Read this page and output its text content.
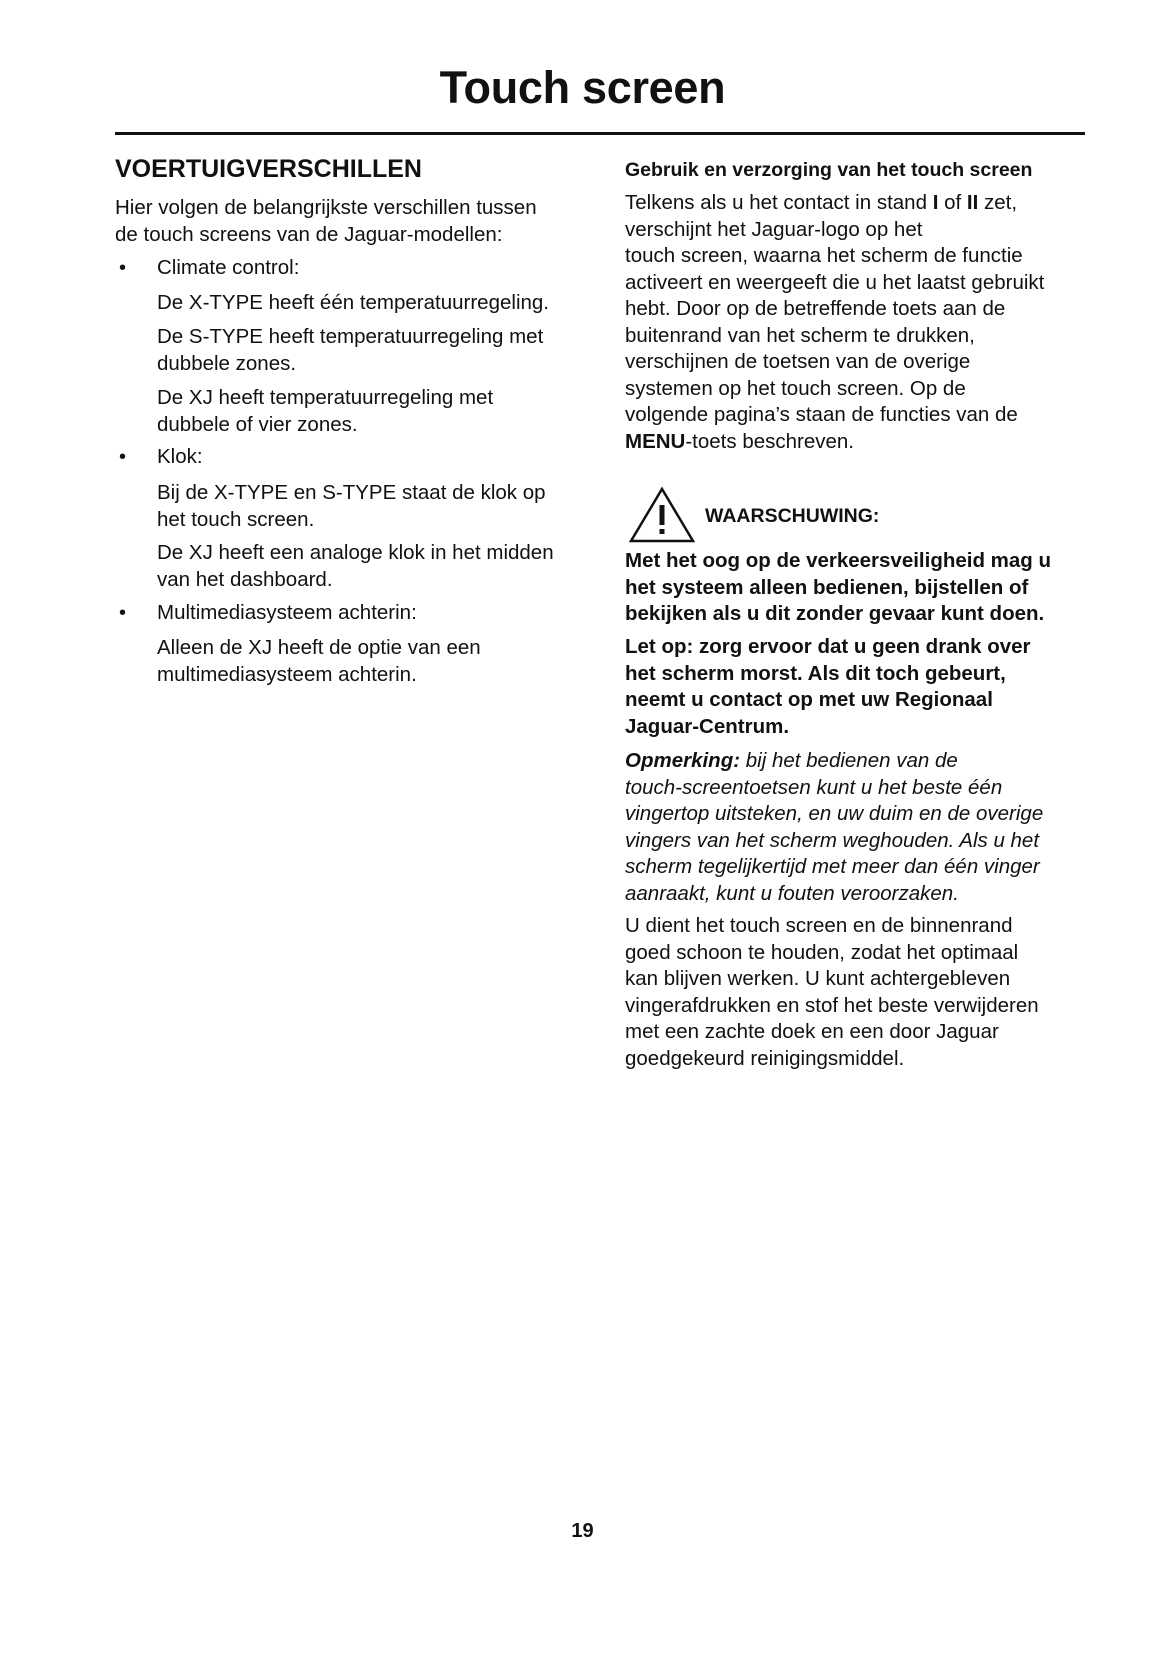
Touch screen
VOERTUIGVERSCHILLEN
Hier volgen de belangrijkste verschillen tussen
de touch screens van de Jaguar-modellen:
• Climate control:
De X-TYPE heeft één temperatuurregeling.
De S-TYPE heeft temperatuurregeling met
dubbele zones.
De XJ heeft temperatuurregeling met
dubbele of vier zones.
• Klok:
Bij de X-TYPE en S-TYPE staat de klok op
het touch screen.
De XJ heeft een analoge klok in het midden
van het dashboard.
• Multimediasysteem achterin:
Alleen de XJ heeft de optie van een
multimediasysteem achterin.
Gebruik en verzorging van het touch screen
Telkens als u het contact in stand I of II zet,
verschijnt het Jaguar-logo op het
touch screen, waarna het scherm de functie
activeert en weergeeft die u het laatst gebruikt
hebt. Door op de betreffende toets aan de
buitenrand van het scherm te drukken,
verschijnen de toetsen van de overige
systemen op het touch screen. Op de
volgende pagina’s staan de functies van de
MENU-toets beschreven.
WAARSCHUWING:
Met het oog op de verkeersveiligheid mag u
het systeem alleen bedienen, bijstellen of
bekijken als u dit zonder gevaar kunt doen.
Let op: zorg ervoor dat u geen drank over
het scherm morst. Als dit toch gebeurt,
neemt u contact op met uw Regionaal
Jaguar-Centrum.
Opmerking: bij het bedienen van de
touch-screentoetsen kunt u het beste één
vingertop uitsteken, en uw duim en de overige
vingers van het scherm weghouden. Als u het
scherm tegelijkertijd met meer dan één vinger
aanraakt, kunt u fouten veroorzaken.
U dient het touch screen en de binnenrand
goed schoon te houden, zodat het optimaal
kan blijven werken. U kunt achtergebleven
vingerafdrukken en stof het beste verwijderen
met een zachte doek en een door Jaguar
goedgekeurd reinigingsmiddel.
19
